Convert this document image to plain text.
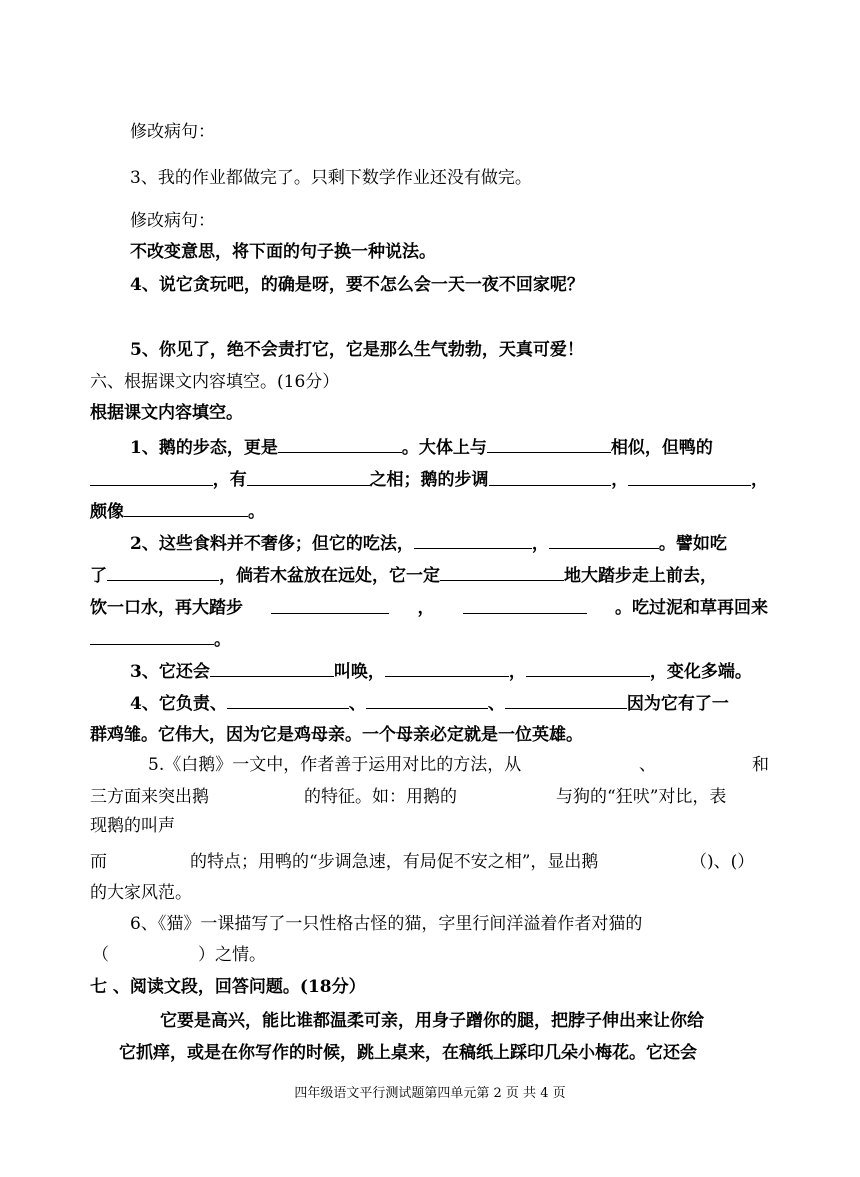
修改病句：
3、我的作业都做完了。只剩下数学作业还没有做完。
修改病句：
不改变意思，将下面的句子换一种说法。
4、说它贪玩吧，的确是呀，要不怎么会一天一夜不回家呢？
5、你见了，绝不会责打它，它是那么生气勃勃，天真可爱！
六、根据课文内容填空。(16分）
根据课文内容填空。
1、鹅的步态，更是	。大体上与	相似，但鸭的
，有	之相；鹅的步调	，	，
颇像	。
2、这些食料并不奢侈；但它的吃法，	，	。譬如吃
了	，倘若木盆放在远处，它一定	地大踏步走上前去，
饮一口水，再大踏步	，	。吃过泥和草再回来
。
3、它还会	叫唤，	，	，变化多端。
4、它负责、	、	、	因为它有了一
群鸡雏。它伟大，因为它是鸡母亲。一个母亲必定就是一位英雄。
5.《白鹅》一文中，作者善于运用对比的方法，从	、	和
三方面来突出鹅	的特征。如：用鹅的	与狗的“狂吠”对比，表
现鹅的叫声
而	的特点；用鸭的“步调急速，有局促不安之相”，显出鹅	（)、(）
的大家风范。
6、《猫》一课描写了一只性格古怪的猫，字里行间洋溢着作者对猫的
（	）之情。
七 、阅读文段，回答问题。(18分）
它要是高兴，能比谁都温柔可亲，用身子蹭你的腿，把脖子伸出来让你给
它抓痒，或是在你写作的时候，跳上桌来，在稿纸上踩印几朵小梅花。它还会
四年级语文平行测试题第四单元第 2 页 共 4 页
